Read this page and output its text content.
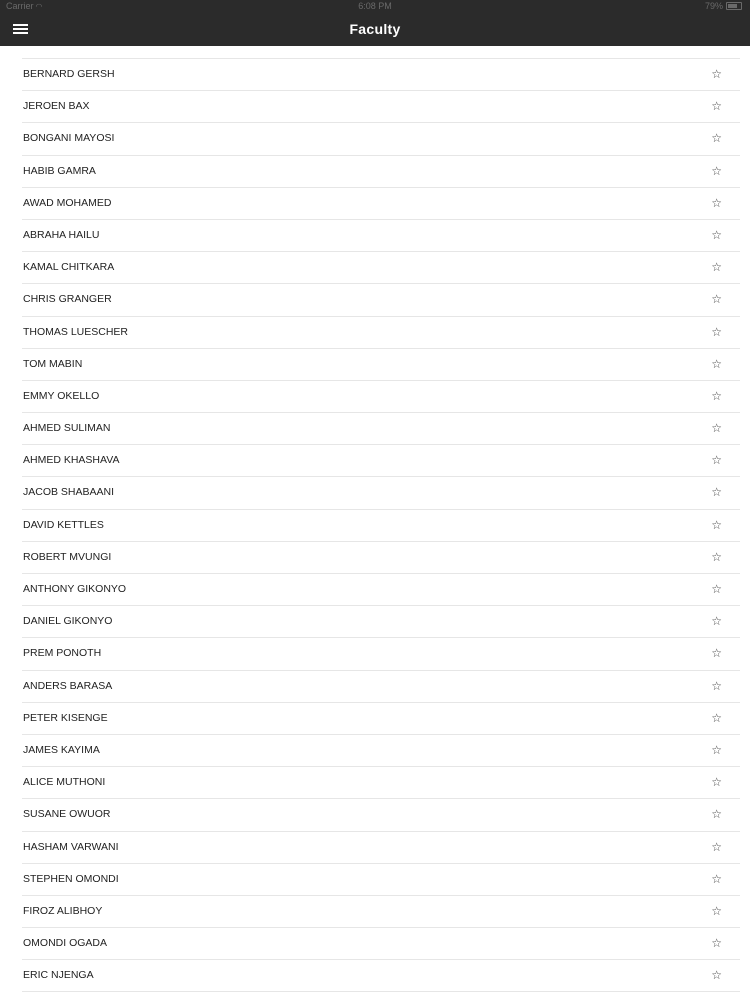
Carrier ◠	6:08 PM	79%
Faculty
BERNARD GERSH	☆
JEROEN BAX	☆
BONGANI MAYOSI	☆
HABIB GAMRA	☆
AWAD MOHAMED	☆
ABRAHA HAILU	☆
KAMAL CHITKARA	☆
CHRIS GRANGER	☆
THOMAS LUESCHER	☆
TOM MABIN	☆
EMMY OKELLO	☆
AHMED SULIMAN	☆
AHMED KHASHAVA	☆
JACOB SHABAANI	☆
DAVID KETTLES	☆
ROBERT MVUNGI	☆
ANTHONY GIKONYO	☆
DANIEL GIKONYO	☆
PREM PONOTH	☆
ANDERS BARASA	☆
PETER KISENGE	☆
JAMES KAYIMA	☆
ALICE MUTHONI	☆
SUSANE OWUOR	☆
HASHAM VARWANI	☆
STEPHEN OMONDI	☆
FIROZ ALIBHOY	☆
OMONDI OGADA	☆
ERIC NJENGA	☆
